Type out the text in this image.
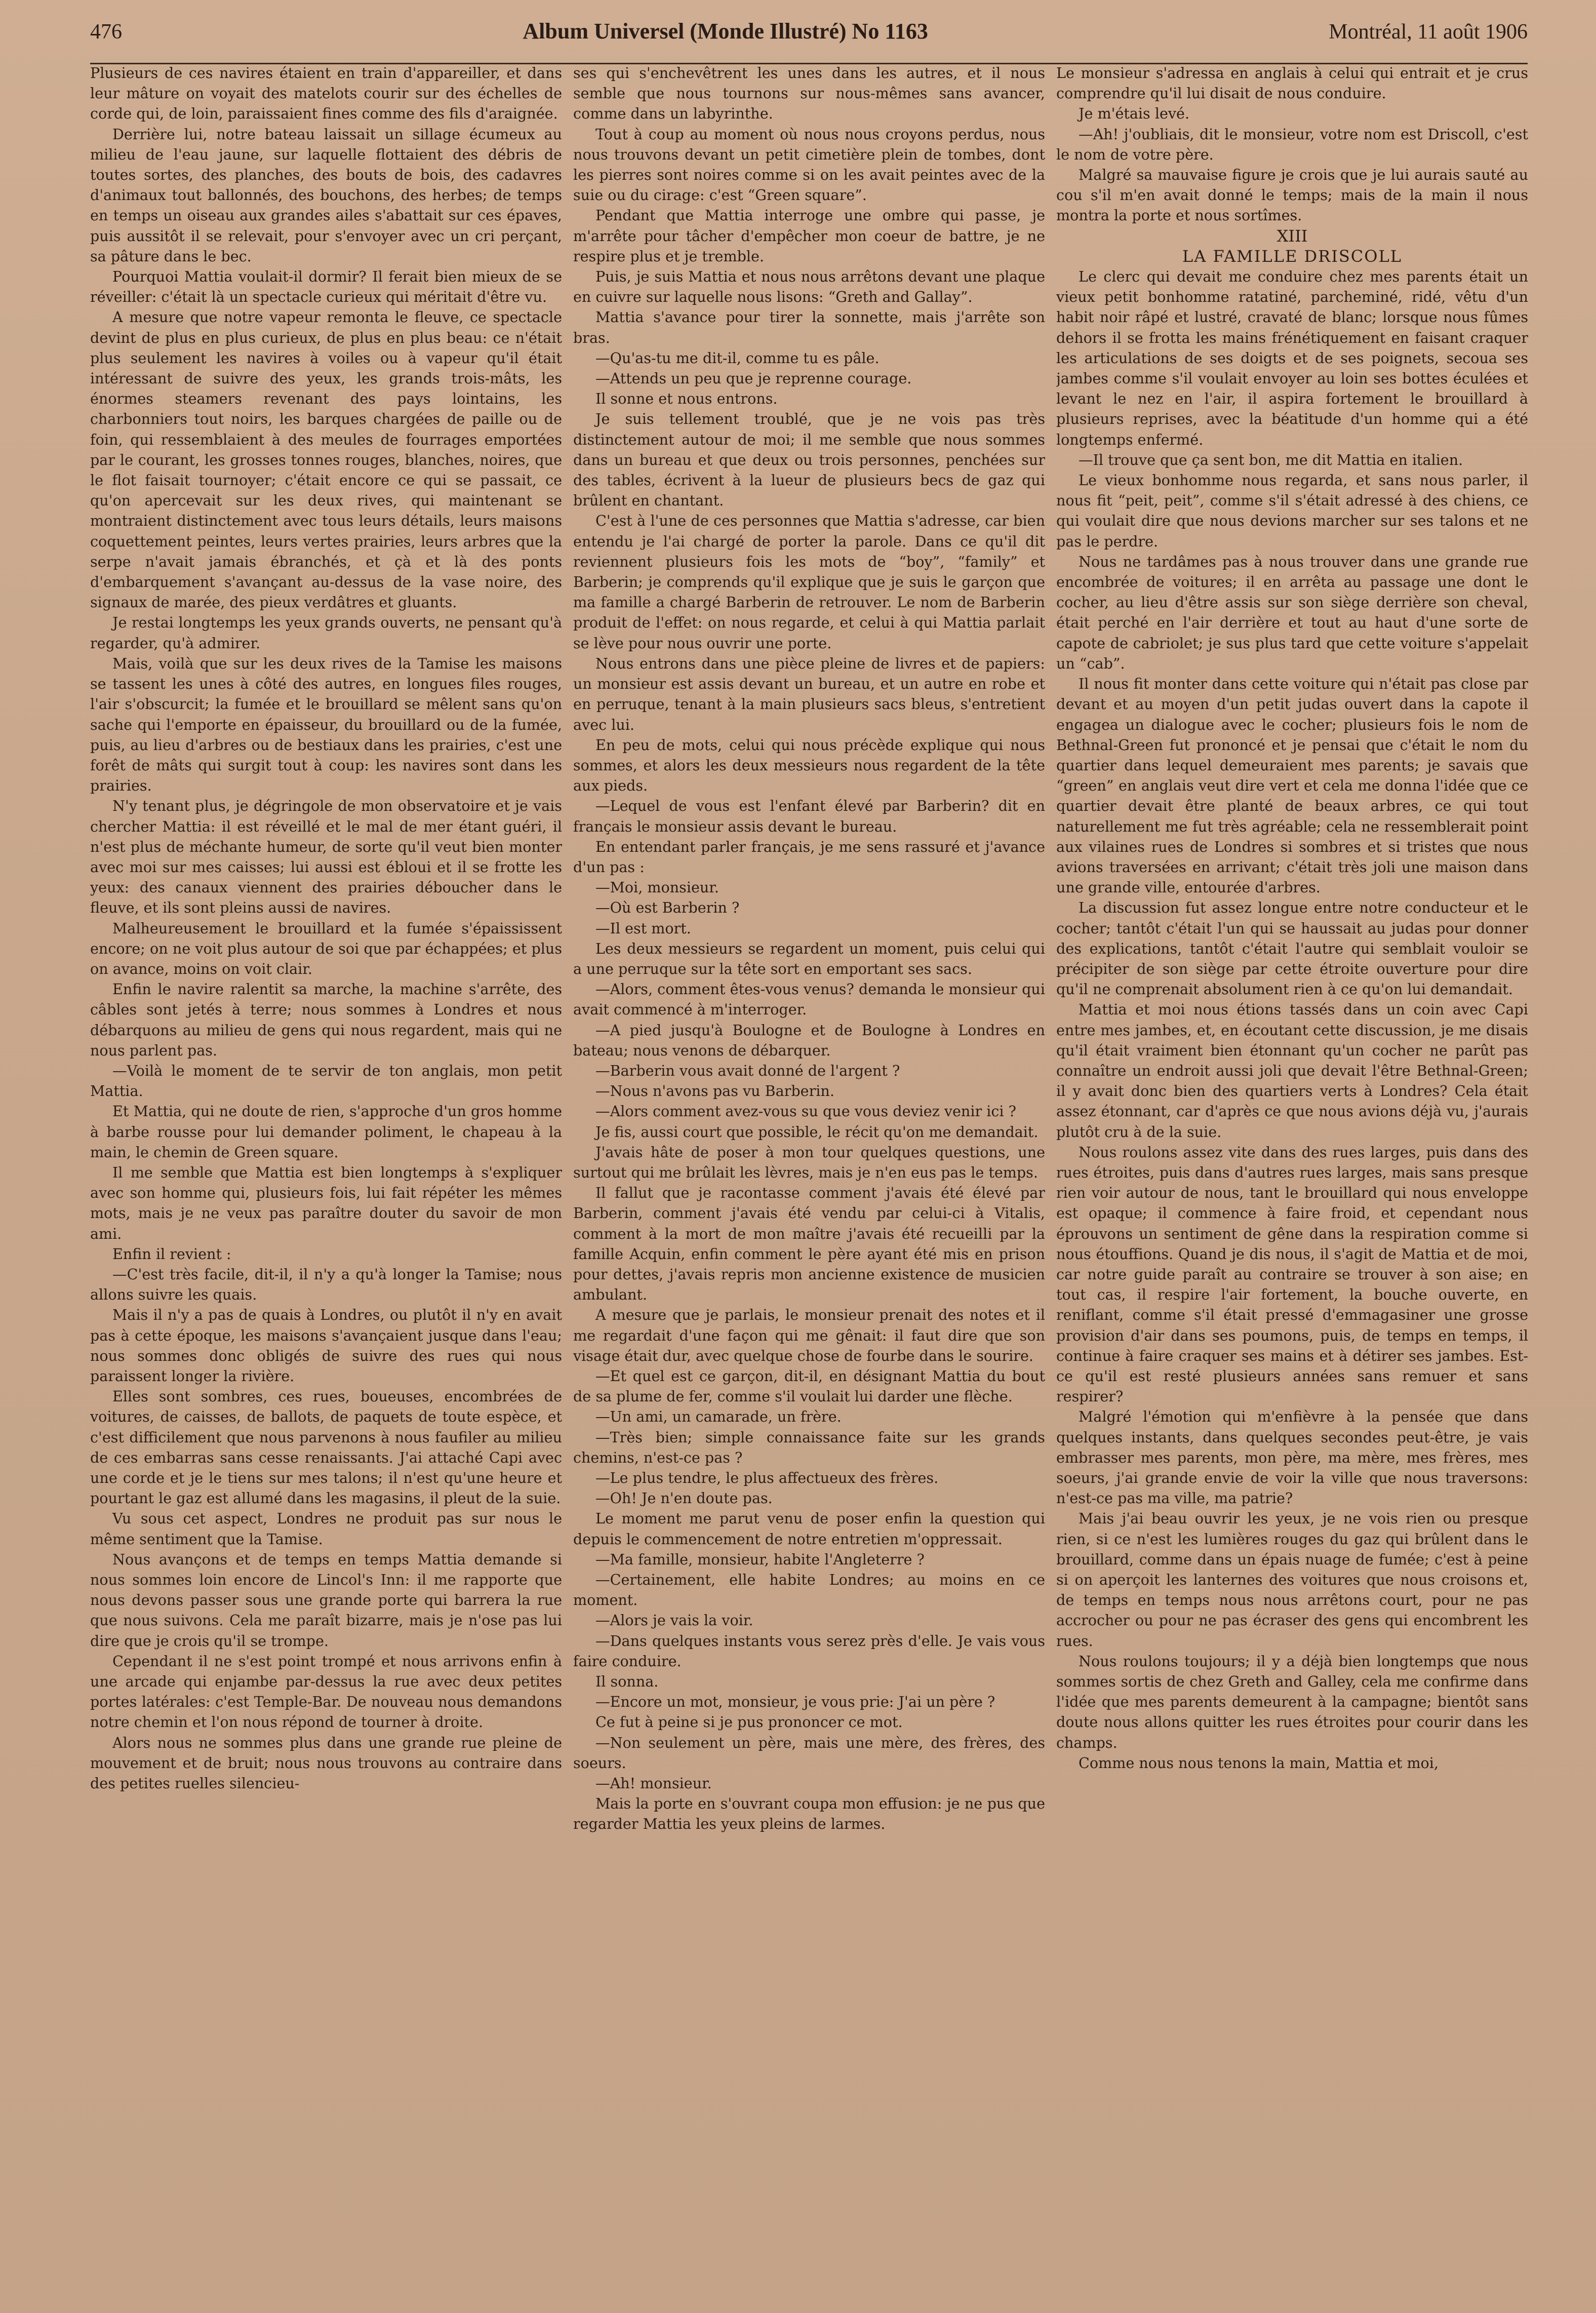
476	Album Universel (Monde Illustré) No 1163	Montréal, 11 août 1906

Plusieurs de ces navires étaient en train d'appareiller, et dans leur mâture on voyait des matelots courir sur des échelles de corde qui, de loin, paraissaient fines comme des fils d'araignée.

Derrière lui, notre bateau laissait un sillage écumeux au milieu de l'eau jaune, sur laquelle flottaient des débris de toutes sortes, des planches, des bouts de bois, des cadavres d'animaux tout ballonnés, des bouchons, des herbes; de temps en temps un oiseau aux grandes ailes s'abattait sur ces épaves, puis aussitôt il se relevait, pour s'envoyer avec un cri perçant, sa pâture dans le bec.

Pourquoi Mattia voulait-il dormir? Il ferait bien mieux de se réveiller: c'était là un spectacle curieux qui méritait d'être vu.

A mesure que notre vapeur remonta le fleuve, ce spectacle devint de plus en plus curieux, de plus en plus beau: ce n'était plus seulement les navires à voiles ou à vapeur qu'il était intéressant de suivre des yeux, les grands trois-mâts, les énormes steamers revenant des pays lointains, les charbonniers tout noirs, les barques chargées de paille ou de foin, qui ressemblaient à des meules de fourrages emportées par le courant, les grosses tonnes rouges, blanches, noires, que le flot faisait tournoyer; c'était encore ce qui se passait, ce qu'on apercevait sur les deux rives, qui maintenant se montraient distinctement avec tous leurs détails, leurs maisons coquettement peintes, leurs vertes prairies, leurs arbres que la serpe n'avait jamais ébranchés, et çà et là des ponts d'embarquement s'avançant au-dessus de la vase noire, des signaux de marée, des pieux verdâtres et gluants.

Je restai longtemps les yeux grands ouverts, ne pensant qu'à regarder, qu'à admirer.

Mais, voilà que sur les deux rives de la Tamise les maisons se tassent les unes à côté des autres, en longues files rouges, l'air s'obscurcit; la fumée et le brouillard se mêlent sans qu'on sache qui l'emporte en épaisseur, du brouillard ou de la fumée, puis, au lieu d'arbres ou de bestiaux dans les prairies, c'est une forêt de mâts qui surgit tout à coup: les navires sont dans les prairies.

N'y tenant plus, je dégringole de mon observatoire et je vais chercher Mattia: il est réveillé et le mal de mer étant guéri, il n'est plus de méchante humeur, de sorte qu'il veut bien monter avec moi sur mes caisses; lui aussi est ébloui et il se frotte les yeux: des canaux viennent des prairies déboucher dans le fleuve, et ils sont pleins aussi de navires.

Malheureusement le brouillard et la fumée s'épaississent encore; on ne voit plus autour de soi que par échappées; et plus on avance, moins on voit clair.

Enfin le navire ralentit sa marche, la machine s'arrête, des câbles sont jetés à terre; nous sommes à Londres et nous débarquons au milieu de gens qui nous regardent, mais qui ne nous parlent pas.

—Voilà le moment de te servir de ton anglais, mon petit Mattia.

Et Mattia, qui ne doute de rien, s'approche d'un gros homme à barbe rousse pour lui demander poliment, le chapeau à la main, le chemin de Green square.

Il me semble que Mattia est bien longtemps à s'expliquer avec son homme qui, plusieurs fois, lui fait répéter les mêmes mots, mais je ne veux pas paraître douter du savoir de mon ami.

Enfin il revient :

—C'est très facile, dit-il, il n'y a qu'à longer la Tamise; nous allons suivre les quais.

Mais il n'y a pas de quais à Londres, ou plutôt il n'y en avait pas à cette époque, les maisons s'avançaient jusque dans l'eau; nous sommes donc obligés de suivre des rues qui nous paraissent longer la rivière.

Elles sont sombres, ces rues, boueuses, encombrées de voitures, de caisses, de ballots, de paquets de toute espèce, et c'est difficilement que nous parvenons à nous faufiler au milieu de ces embarras sans cesse renaissants. J'ai attaché Capi avec une corde et je le tiens sur mes talons; il n'est qu'une heure et pourtant le gaz est allumé dans les magasins, il pleut de la suie.

Vu sous cet aspect, Londres ne produit pas sur nous le même sentiment que la Tamise.

Nous avançons et de temps en temps Mattia demande si nous sommes loin encore de Lincol's Inn: il me rapporte que nous devons passer sous une grande porte qui barrera la rue que nous suivons. Cela me paraît bizarre, mais je n'ose pas lui dire que je crois qu'il se trompe.

Cependant il ne s'est point trompé et nous arrivons enfin à une arcade qui enjambe par-dessus la rue avec deux petites portes latérales: c'est Temple-Bar. De nouveau nous demandons notre chemin et l'on nous répond de tourner à droite.

Alors nous ne sommes plus dans une grande rue pleine de mouvement et de bruit; nous nous trouvons au contraire dans des petites ruelles silencieu-

ses qui s'enchevêtrent les unes dans les autres, et il nous semble que nous tournons sur nous-mêmes sans avancer, comme dans un labyrinthe.

Tout à coup au moment où nous nous croyons perdus, nous nous trouvons devant un petit cimetière plein de tombes, dont les pierres sont noires comme si on les avait peintes avec de la suie ou du cirage: c'est “Green square”.

Pendant que Mattia interroge une ombre qui passe, je m'arrête pour tâcher d'empêcher mon coeur de battre, je ne respire plus et je tremble.

Puis, je suis Mattia et nous nous arrêtons devant une plaque en cuivre sur laquelle nous lisons: “Greth and Gallay”.

Mattia s'avance pour tirer la sonnette, mais j'arrête son bras.

—Qu'as-tu me dit-il, comme tu es pâle.

—Attends un peu que je reprenne courage.

Il sonne et nous entrons.

Je suis tellement troublé, que je ne vois pas très distinctement autour de moi; il me semble que nous sommes dans un bureau et que deux ou trois personnes, penchées sur des tables, écrivent à la lueur de plusieurs becs de gaz qui brûlent en chantant.

C'est à l'une de ces personnes que Mattia s'adresse, car bien entendu je l'ai chargé de porter la parole. Dans ce qu'il dit reviennent plusieurs fois les mots de “boy”, “family” et Barberin; je comprends qu'il explique que je suis le garçon que ma famille a chargé Barberin de retrouver. Le nom de Barberin produit de l'effet: on nous regarde, et celui à qui Mattia parlait se lève pour nous ouvrir une porte.

Nous entrons dans une pièce pleine de livres et de papiers: un monsieur est assis devant un bureau, et un autre en robe et en perruque, tenant à la main plusieurs sacs bleus, s'entretient avec lui.

En peu de mots, celui qui nous précède explique qui nous sommes, et alors les deux messieurs nous regardent de la tête aux pieds.

—Lequel de vous est l'enfant élevé par Barberin? dit en français le monsieur assis devant le bureau.

En entendant parler français, je me sens rassuré et j'avance d'un pas :

—Moi, monsieur.

—Où est Barberin ?

—Il est mort.

Les deux messieurs se regardent un moment, puis celui qui a une perruque sur la tête sort en emportant ses sacs.

—Alors, comment êtes-vous venus? demanda le monsieur qui avait commencé à m'interroger.

—A pied jusqu'à Boulogne et de Boulogne à Londres en bateau; nous venons de débarquer.

—Barberin vous avait donné de l'argent ?

—Nous n'avons pas vu Barberin.

—Alors comment avez-vous su que vous deviez venir ici ?

Je fis, aussi court que possible, le récit qu'on me demandait.

J'avais hâte de poser à mon tour quelques questions, une surtout qui me brûlait les lèvres, mais je n'en eus pas le temps.

Il fallut que je racontasse comment j'avais été élevé par Barberin, comment j'avais été vendu par celui-ci à Vitalis, comment à la mort de mon maître j'avais été recueilli par la famille Acquin, enfin comment le père ayant été mis en prison pour dettes, j'avais repris mon ancienne existence de musicien ambulant.

A mesure que je parlais, le monsieur prenait des notes et il me regardait d'une façon qui me gênait: il faut dire que son visage était dur, avec quelque chose de fourbe dans le sourire.

—Et quel est ce garçon, dit-il, en désignant Mattia du bout de sa plume de fer, comme s'il voulait lui darder une flèche.

—Un ami, un camarade, un frère.

—Très bien; simple connaissance faite sur les grands chemins, n'est-ce pas ?

—Le plus tendre, le plus affectueux des frères.

—Oh! Je n'en doute pas.

Le moment me parut venu de poser enfin la question qui depuis le commencement de notre entretien m'oppressait.

—Ma famille, monsieur, habite l'Angleterre ?

—Certainement, elle habite Londres; au moins en ce moment.

—Alors je vais la voir.

—Dans quelques instants vous serez près d'elle. Je vais vous faire conduire.

Il sonna.

—Encore un mot, monsieur, je vous prie: J'ai un père ?

Ce fut à peine si je pus prononcer ce mot.

—Non seulement un père, mais une mère, des frères, des soeurs.

—Ah! monsieur.

Mais la porte en s'ouvrant coupa mon effusion: je ne pus que regarder Mattia les yeux pleins de larmes.

Le monsieur s'adressa en anglais à celui qui entrait et je crus comprendre qu'il lui disait de nous conduire.

Je m'étais levé.

—Ah! j'oubliais, dit le monsieur, votre nom est Driscoll, c'est le nom de votre père.

Malgré sa mauvaise figure je crois que je lui aurais sauté au cou s'il m'en avait donné le temps; mais de la main il nous montra la porte et nous sortîmes.

XIII

LA FAMILLE DRISCOLL

Le clerc qui devait me conduire chez mes parents était un vieux petit bonhomme ratatiné, parcheminé, ridé, vêtu d'un habit noir râpé et lustré, cravaté de blanc; lorsque nous fûmes dehors il se frotta les mains frénétiquement en faisant craquer les articulations de ses doigts et de ses poignets, secoua ses jambes comme s'il voulait envoyer au loin ses bottes éculées et levant le nez en l'air, il aspira fortement le brouillard à plusieurs reprises, avec la béatitude d'un homme qui a été longtemps enfermé.

—Il trouve que ça sent bon, me dit Mattia en italien.

Le vieux bonhomme nous regarda, et sans nous parler, il nous fit “peit, peit”, comme s'il s'était adressé à des chiens, ce qui voulait dire que nous devions marcher sur ses talons et ne pas le perdre.

Nous ne tardâmes pas à nous trouver dans une grande rue encombrée de voitures; il en arrêta au passage une dont le cocher, au lieu d'être assis sur son siège derrière son cheval, était perché en l'air derrière et tout au haut d'une sorte de capote de cabriolet; je sus plus tard que cette voiture s'appelait un “cab”.

Il nous fit monter dans cette voiture qui n'était pas close par devant et au moyen d'un petit judas ouvert dans la capote il engagea un dialogue avec le cocher; plusieurs fois le nom de Bethnal-Green fut prononcé et je pensai que c'était le nom du quartier dans lequel demeuraient mes parents; je savais que “green” en anglais veut dire vert et cela me donna l'idée que ce quartier devait être planté de beaux arbres, ce qui tout naturellement me fut très agréable; cela ne ressemblerait point aux vilaines rues de Londres si sombres et si tristes que nous avions traversées en arrivant; c'était très joli une maison dans une grande ville, entourée d'arbres.

La discussion fut assez longue entre notre conducteur et le cocher; tantôt c'était l'un qui se haussait au judas pour donner des explications, tantôt c'était l'autre qui semblait vouloir se précipiter de son siège par cette étroite ouverture pour dire qu'il ne comprenait absolument rien à ce qu'on lui demandait.

Mattia et moi nous étions tassés dans un coin avec Capi entre mes jambes, et, en écoutant cette discussion, je me disais qu'il était vraiment bien étonnant qu'un cocher ne parût pas connaître un endroit aussi joli que devait l'être Bethnal-Green; il y avait donc bien des quartiers verts à Londres? Cela était assez étonnant, car d'après ce que nous avions déjà vu, j'aurais plutôt cru à de la suie.

Nous roulons assez vite dans des rues larges, puis dans des rues étroites, puis dans d'autres rues larges, mais sans presque rien voir autour de nous, tant le brouillard qui nous enveloppe est opaque; il commence à faire froid, et cependant nous éprouvons un sentiment de gêne dans la respiration comme si nous étouffions. Quand je dis nous, il s'agit de Mattia et de moi, car notre guide paraît au contraire se trouver à son aise; en tout cas, il respire l'air fortement, la bouche ouverte, en reniflant, comme s'il était pressé d'emmagasiner une grosse provision d'air dans ses poumons, puis, de temps en temps, il continue à faire craquer ses mains et à détirer ses jambes. Est-ce qu'il est resté plusieurs années sans remuer et sans respirer?

Malgré l'émotion qui m'enfièvre à la pensée que dans quelques instants, dans quelques secondes peut-être, je vais embrasser mes parents, mon père, ma mère, mes frères, mes soeurs, j'ai grande envie de voir la ville que nous traversons: n'est-ce pas ma ville, ma patrie?

Mais j'ai beau ouvrir les yeux, je ne vois rien ou presque rien, si ce n'est les lumières rouges du gaz qui brûlent dans le brouillard, comme dans un épais nuage de fumée; c'est à peine si on aperçoit les lanternes des voitures que nous croisons et, de temps en temps nous nous arrêtons court, pour ne pas accrocher ou pour ne pas écraser des gens qui encombrent les rues.

Nous roulons toujours; il y a déjà bien longtemps que nous sommes sortis de chez Greth and Galley, cela me confirme dans l'idée que mes parents demeurent à la campagne; bientôt sans doute nous allons quitter les rues étroites pour courir dans les champs.

Comme nous nous tenons la main, Mattia et moi,
